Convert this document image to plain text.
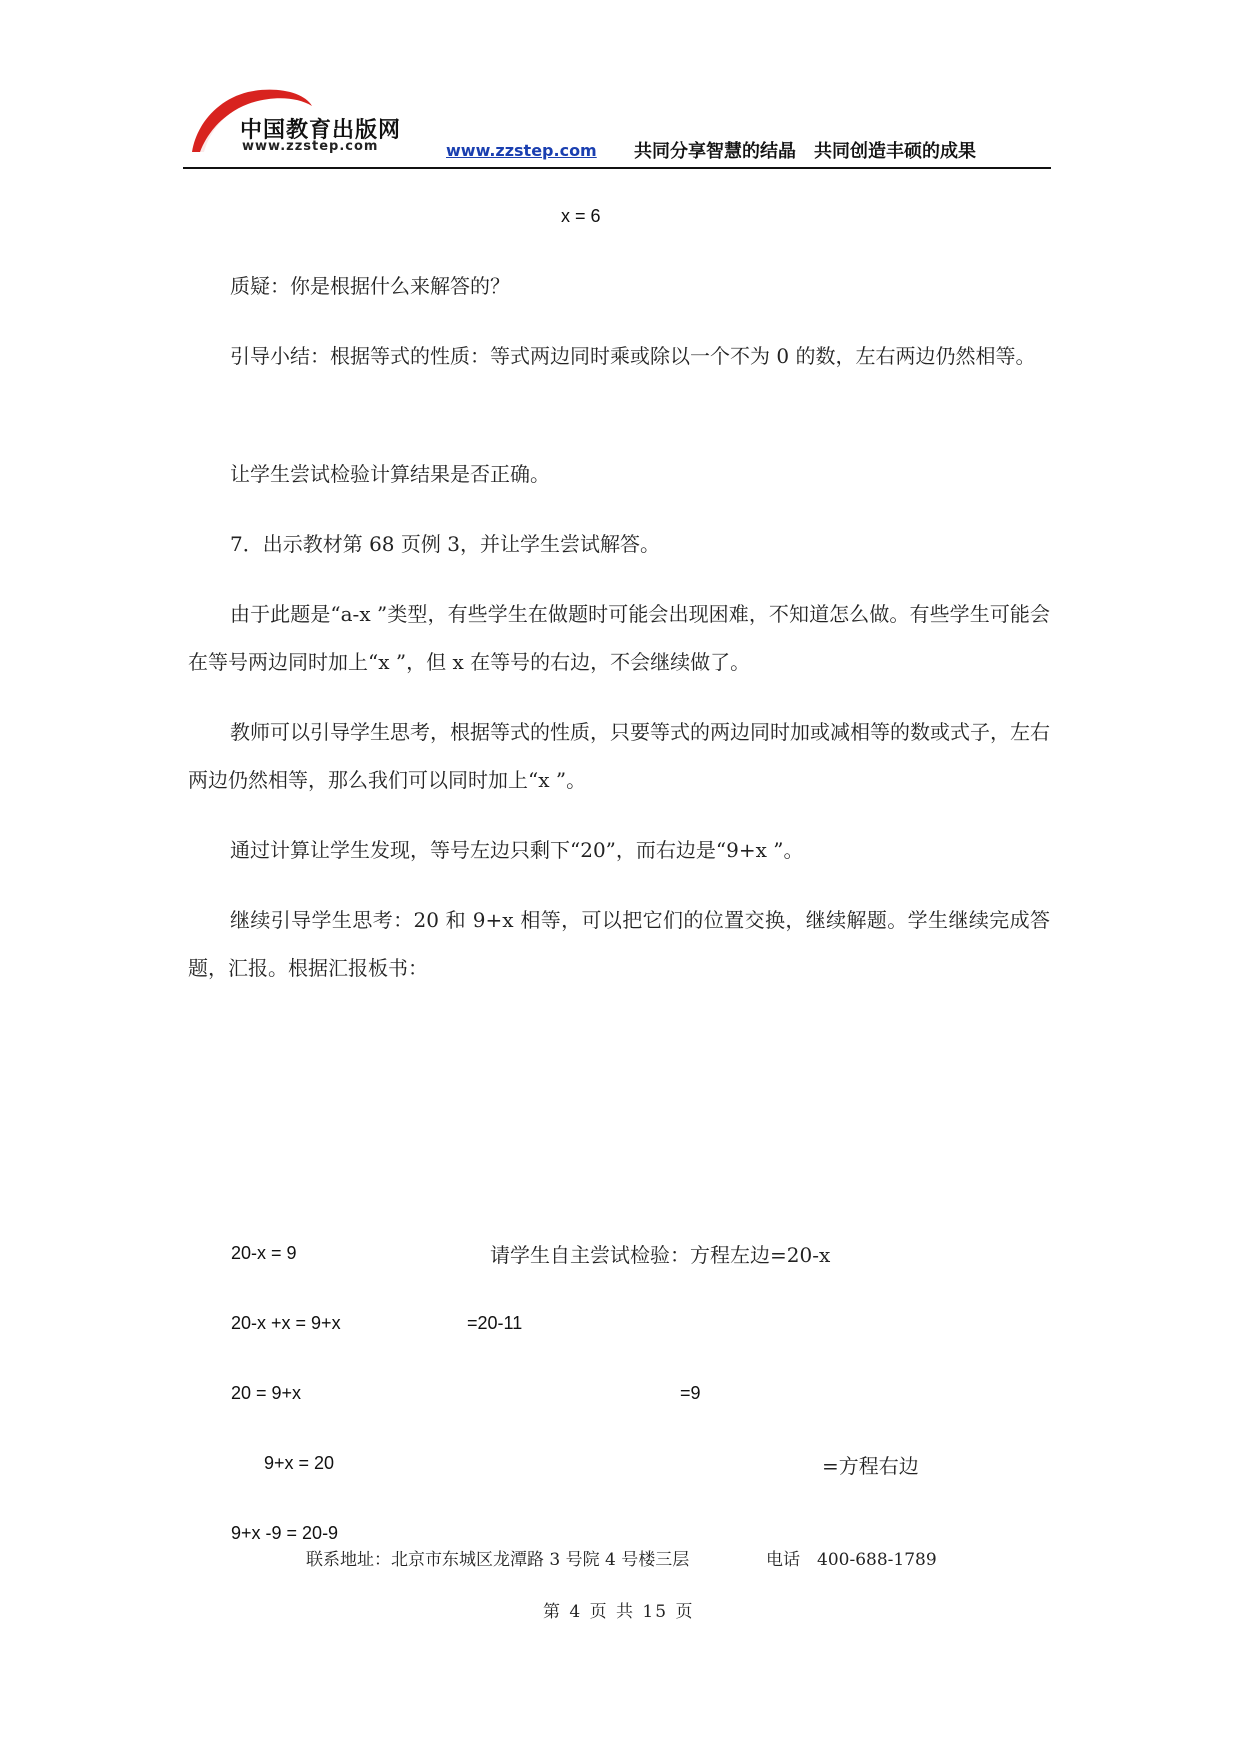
中国教育出版网
www.zzstep.com	www.zzstep.com 共同分享智慧的结晶　共同创造丰硕的成果
x = 6
质疑：你是根据什么来解答的？
引导小结：根据等式的性质：等式两边同时乘或除以一个不为 0 的数，左右两边仍然相等。
让学生尝试检验计算结果是否正确。
7．出示教材第 68 页例 3，并让学生尝试解答。
由于此题是“a-x ”类型，有些学生在做题时可能会出现困难，不知道怎么做。有些学生可能会在等号两边同时加上“x ”，但 x 在等号的右边，不会继续做了。
教师可以引导学生思考，根据等式的性质，只要等式的两边同时加或减相等的数或式子，左右两边仍然相等，那么我们可以同时加上“x ”。
通过计算让学生发现，等号左边只剩下“20”，而右边是“9+x ”。
继续引导学生思考：20 和 9+x 相等，可以把它们的位置交换，继续解题。学生继续完成答题，汇报。根据汇报板书：
20-x = 9
20-x +x = 9+x
20 = 9+x
9+x = 20
9+x -9 = 20-9
请学生自主尝试检验：方程左边=20-x
=20-11
=9
=方程右边
联系地址：北京市东城区龙潭路 3 号院 4 号楼三层	电话　400-688-1789
第 4 页 共 15 页
